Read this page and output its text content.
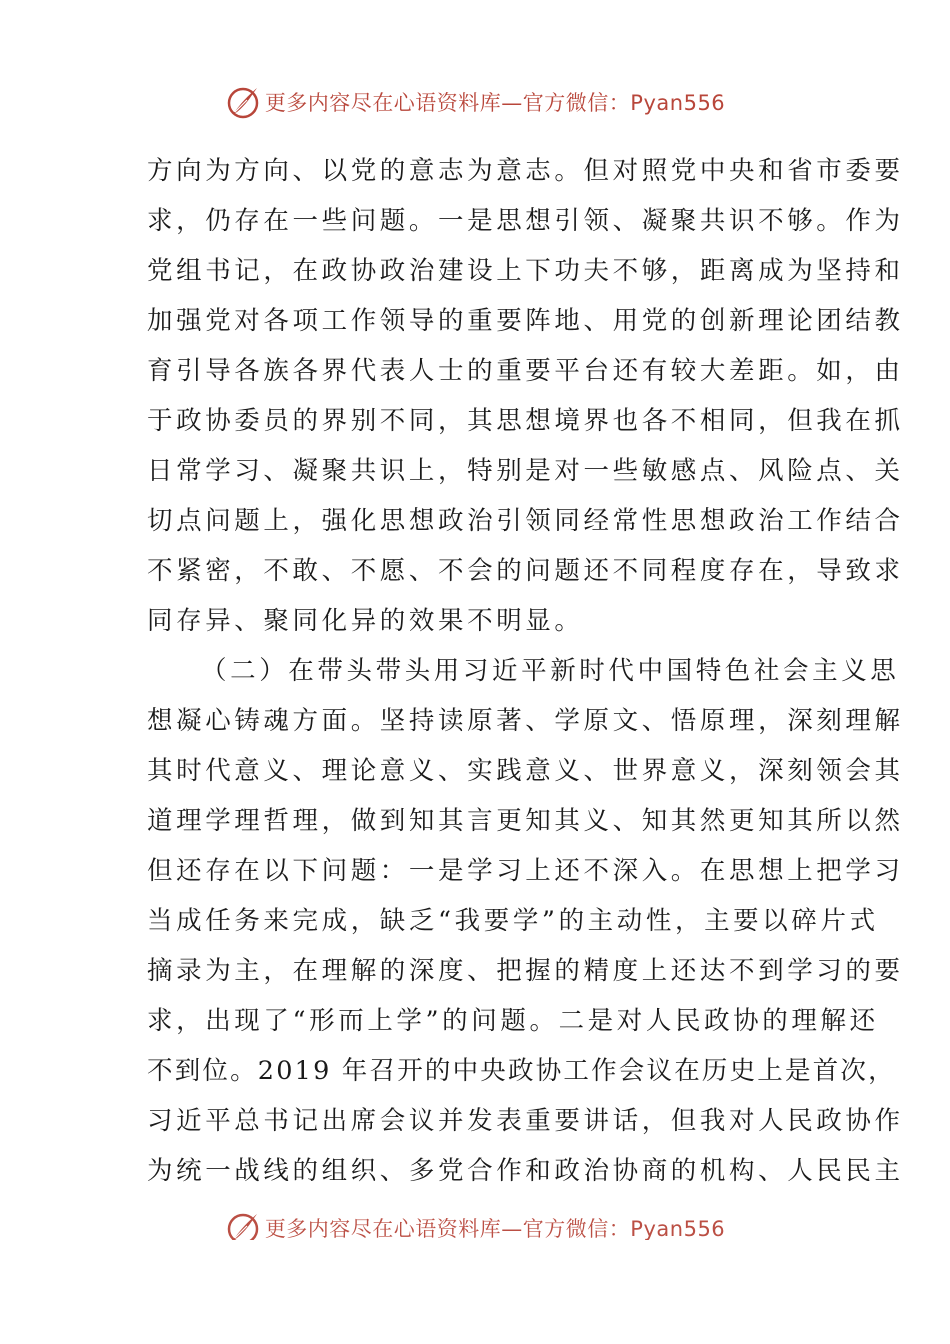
更多内容尽在心语资料库—官方微信：Pyan556
方向为方向、以党的意志为意志。但对照党中央和省市委要
求，仍存在一些问题。一是思想引领、凝聚共识不够。作为
党组书记，在政协政治建设上下功夫不够，距离成为坚持和
加强党对各项工作领导的重要阵地、用党的创新理论团结教
育引导各族各界代表人士的重要平台还有较大差距。如，由
于政协委员的界别不同，其思想境界也各不相同，但我在抓
日常学习、凝聚共识上，特别是对一些敏感点、风险点、关
切点问题上，强化思想政治引领同经常性思想政治工作结合
不紧密，不敢、不愿、不会的问题还不同程度存在，导致求
同存异、聚同化异的效果不明显。
（二）在带头带头用习近平新时代中国特色社会主义思
想凝心铸魂方面。坚持读原著、学原文、悟原理，深刻理解
其时代意义、理论意义、实践意义、世界意义，深刻领会其
道理学理哲理，做到知其言更知其义、知其然更知其所以然
但还存在以下问题：一是学习上还不深入。在思想上把学习
当成任务来完成，缺乏“我要学”的主动性，主要以碎片式
摘录为主，在理解的深度、把握的精度上还达不到学习的要
求，出现了“形而上学”的问题。二是对人民政协的理解还
不到位。2019 年召开的中央政协工作会议在历史上是首次，
习近平总书记出席会议并发表重要讲话，但我对人民政协作
为统一战线的组织、多党合作和政治协商的机构、人民民主
更多内容尽在心语资料库—官方微信：Pyan556
